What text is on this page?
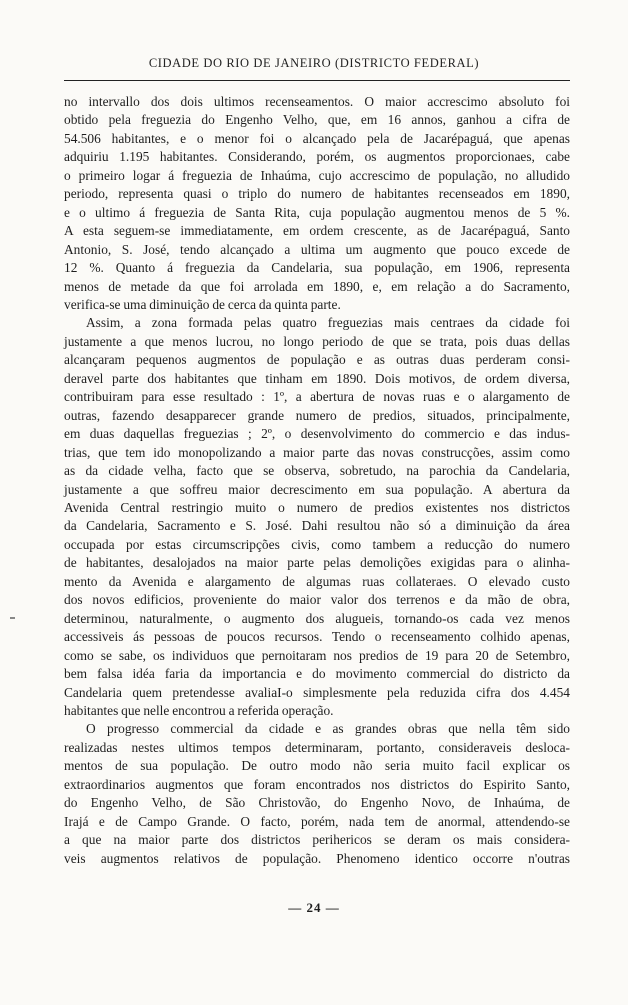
CIDADE DO RIO DE JANEIRO (DISTRICTO FEDERAL)

no intervallo dos dois ultimos recenseamentos. O maior accrescimo absoluto foi

obtido pela freguezia do Engenho Velho, que, em 16 annos, ganhou a cifra de

54.506 habitantes, e o menor foi o alcançado pela de Jacarépaguá, que apenas

adquiriu 1.195 habitantes. Considerando, porém, os augmentos proporcionaes, cabe

o primeiro logar á freguezia de Inhaúma, cujo accrescimo de população, no alludido

periodo, representa quasi o triplo do numero de habitantes recenseados em 1890,

e o ultimo á freguezia de Santa Rita, cuja população augmentou menos de 5 %.

A esta seguem-se immediatamente, em ordem crescente, as de Jacarépaguá, Santo

Antonio, S. José, tendo alcançado a ultima um augmento que pouco excede de

12 %. Quanto á freguezia da Candelaria, sua população, em 1906, representa

menos de metade da que foi arrolada em 1890, e, em relação a do Sacramento,

verifica-se uma diminuição de cerca da quinta parte.

Assim, a zona formada pelas quatro freguezias mais centraes da cidade foi

justamente a que menos lucrou, no longo periodo de que se trata, pois duas dellas

alcançaram pequenos augmentos de população e as outras duas perderam consi-

deravel parte dos habitantes que tinham em 1890. Dois motivos, de ordem diversa,

contribuiram para esse resultado : 1º, a abertura de novas ruas e o alargamento de

outras, fazendo desapparecer grande numero de predios, situados, principalmente,

em duas daquellas freguezias ; 2º, o desenvolvimento do commercio e das indus-

trias, que tem ido monopolizando a maior parte das novas construcções, assim como

as da cidade velha, facto que se observa, sobretudo, na parochia da Candelaria,

justamente a que soffreu maior decrescimento em sua população. A abertura da

Avenida Central restringio muito o numero de predios existentes nos districtos

da Candelaria, Sacramento e S. José. Dahi resultou não só a diminuição da área

occupada por estas circumscripções civis, como tambem a reducção do numero

de habitantes, desalojados na maior parte pelas demolições exigidas para o alinha-

mento da Avenida e alargamento de algumas ruas collateraes. O elevado custo

dos novos edificios, proveniente do maior valor dos terrenos e da mão de obra,

determinou, naturalmente, o augmento dos alugueis, tornando-os cada vez menos

accessiveis ás pessoas de poucos recursos. Tendo o recenseamento colhido apenas,

como se sabe, os individuos que pernoitaram nos predios de 19 para 20 de Setembro,

bem falsa idéa faria da importancia e do movimento commercial do districto da

Candelaria quem pretendesse avaliaI-o simplesmente pela reduzida cifra dos 4.454

habitantes que nelle encontrou a referida operação.

O progresso commercial da cidade e as grandes obras que nella têm sido

realizadas nestes ultimos tempos determinaram, portanto, consideraveis desloca-

mentos de sua população. De outro modo não seria muito facil explicar os

extraordinarios augmentos que foram encontrados nos districtos do Espirito Santo,

do Engenho Velho, de São Christovão, do Engenho Novo, de Inhaúma, de

Irajá e de Campo Grande. O facto, porém, nada tem de anormal, attendendo-se

a que na maior parte dos districtos perihericos se deram os mais considera-

veis augmentos relativos de população. Phenomeno identico occorre n'outras

— 24 —
